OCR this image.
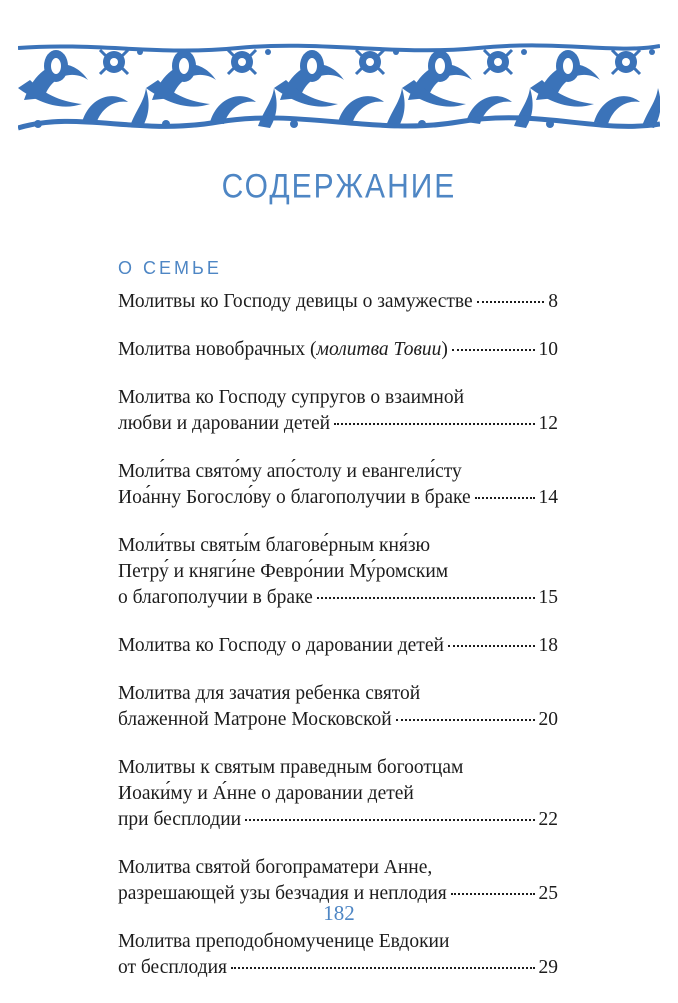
СОДЕРЖАНИЕ
О СЕМЬЕ
Молитвы ко Господу девицы о замужестве	8
Молитва новобрачных (молитва Товии)	10
Молитва ко Господу супругов о взаимной
любви и даровании детей	12
Моли́тва свято́му апо́столу и евангели́сту
Иоа́нну Богосло́ву о благополучии в браке	14
Моли́твы святы́м благове́рным кня́зю
Петру́ и княги́не Февро́нии Му́ромским
о благополучии в браке	15
Молитва ко Господу о даровании детей	18
Молитва для зачатия ребенка святой
блаженной Матроне Московской	20
Молитвы к святым праведным богоотцам
Иоаки́му и А́нне о даровании детей
при бесплодии	22
Молитва святой богопраматери Анне,
разрешающей узы безчадия и неплодия	25
Молитва преподобномученице Евдокии
от бесплодия	29
182
